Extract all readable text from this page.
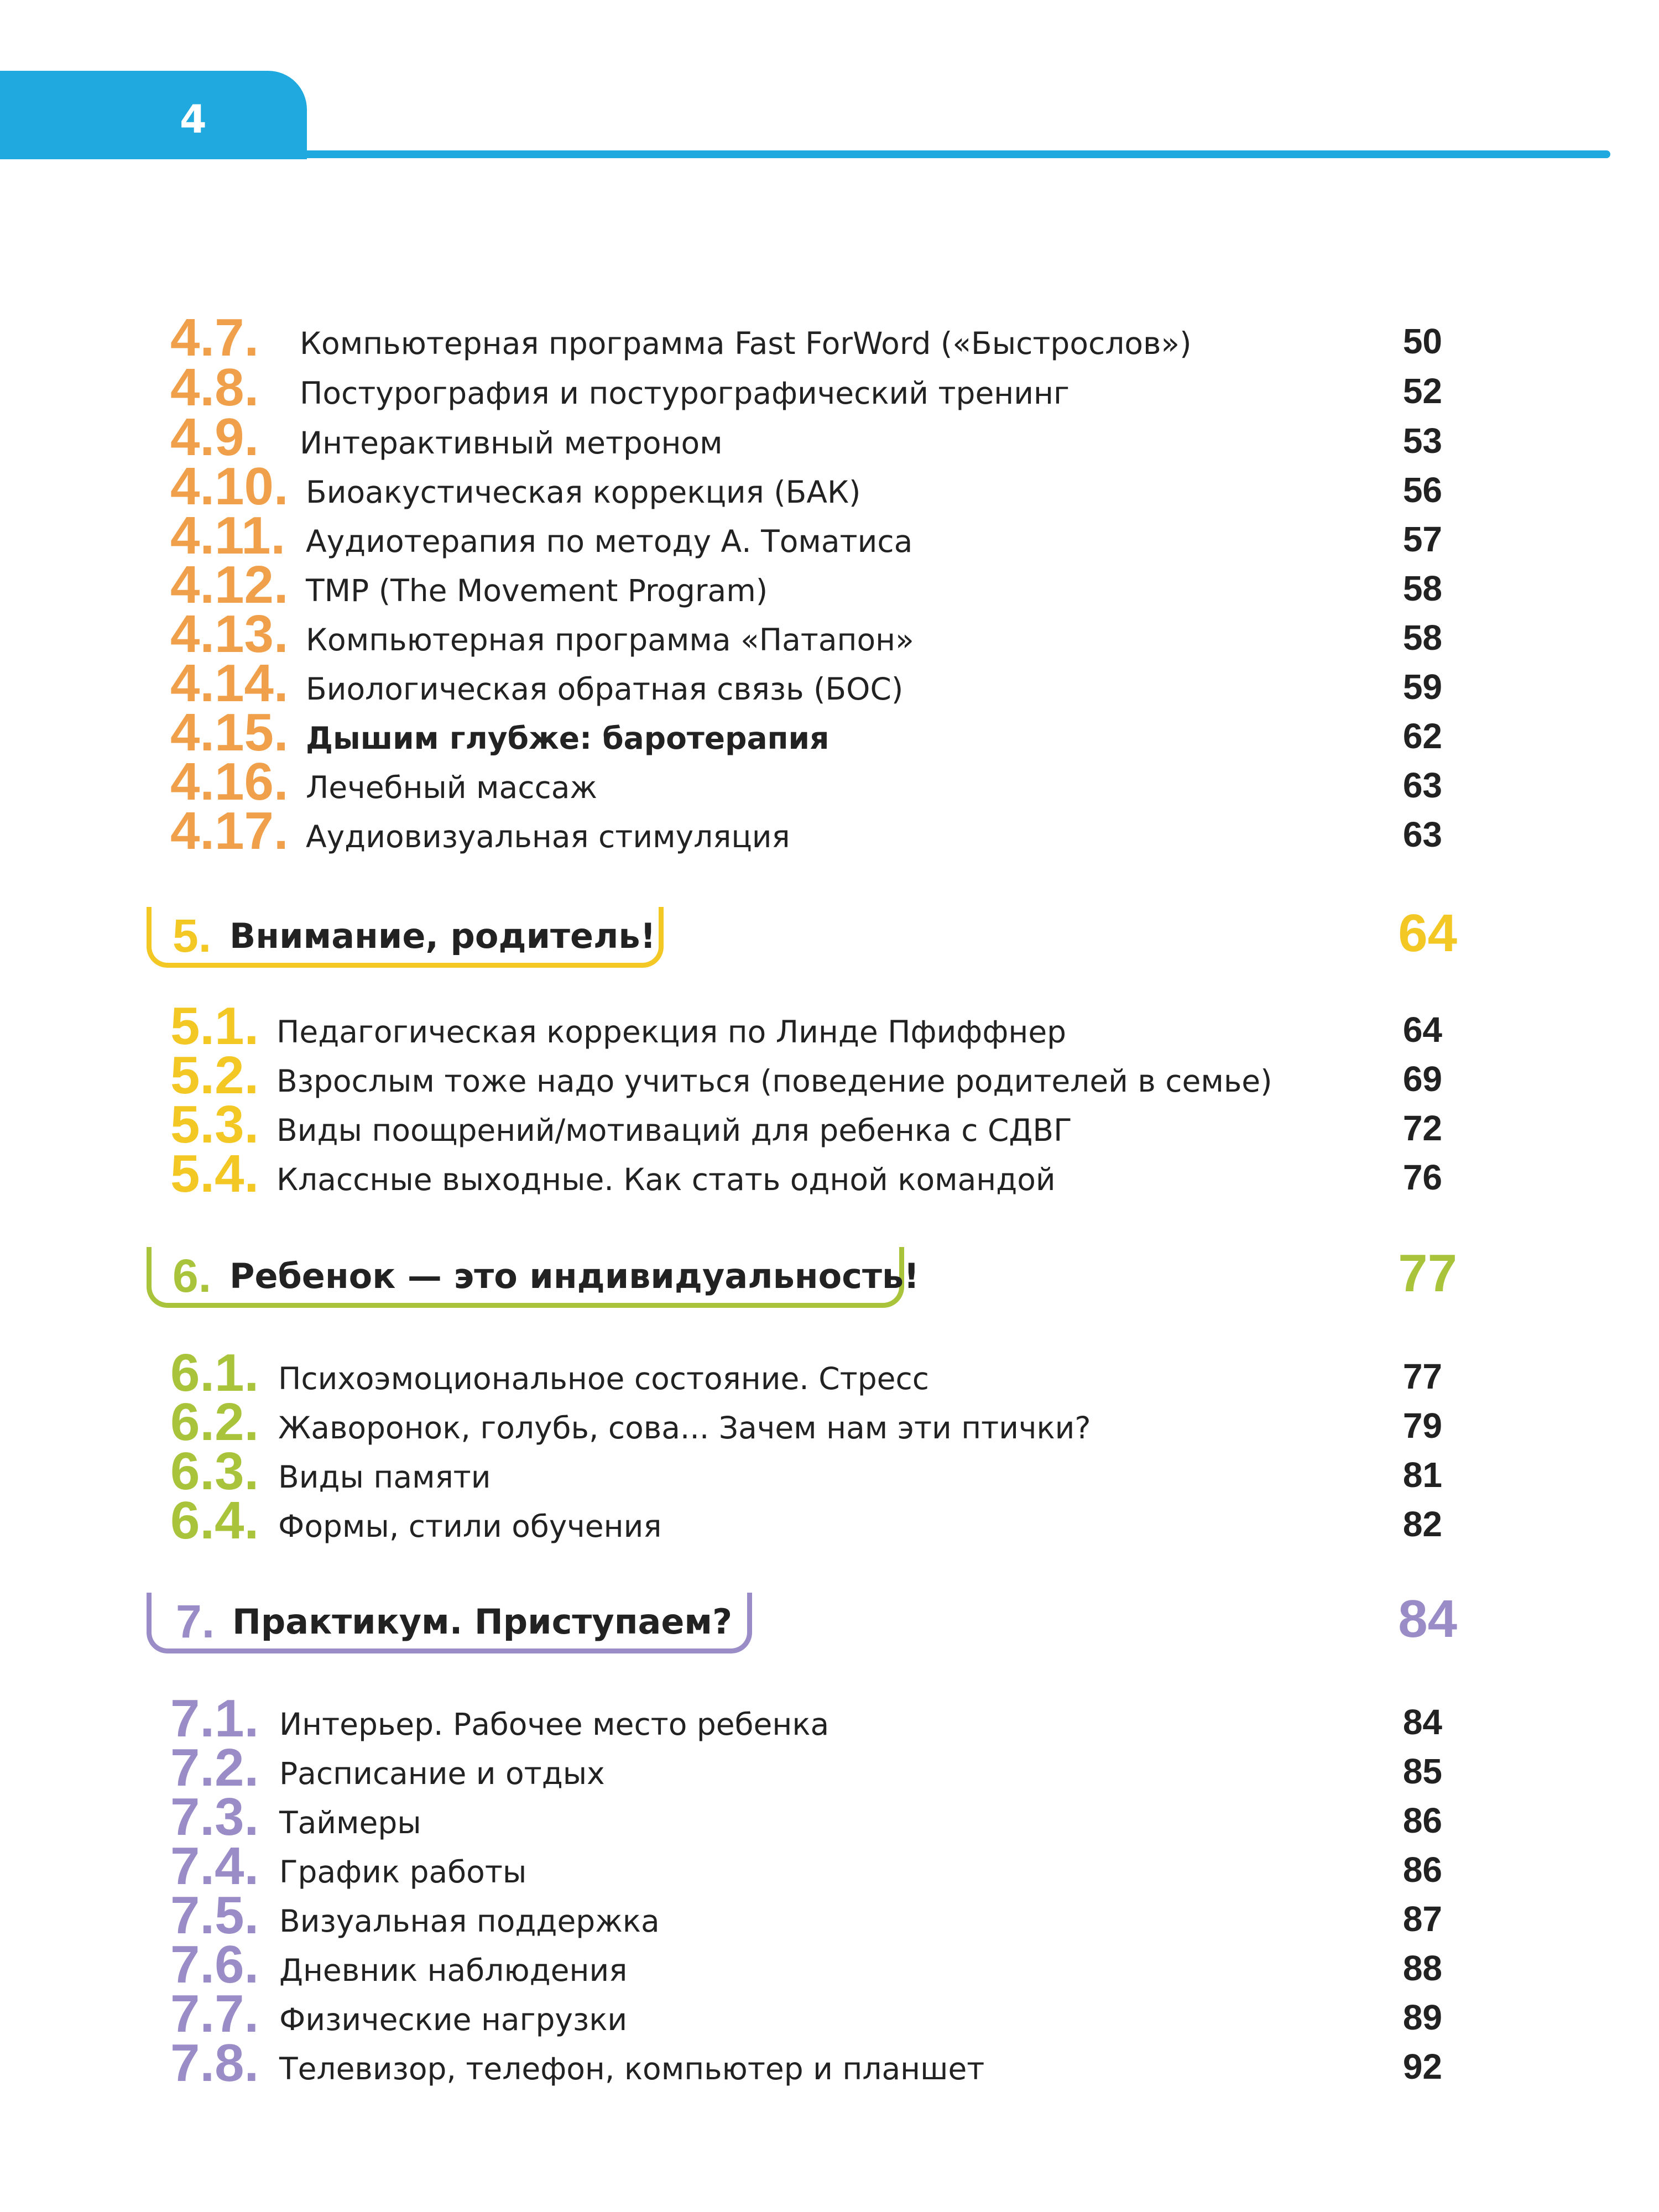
4
4.7. Компьютерная программа Fast ForWord («Быстрослов»)	50
4.8. Постурография и постурографический тренинг	52
4.9. Интерактивный метроном	53
4.10. Биоакустическая коррекция (БАК)	56
4.11. Аудиотерапия по методу А. Томатиса	57
4.12. TMP (The Movement Program)	58
4.13. Компьютерная программа «Патапон»	58
4.14. Биологическая обратная связь (БОС)	59
4.15. Дышим глубже: баротерапия	62
4.16. Лечебный массаж	63
4.17. Аудиовизуальная стимуляция	63
5. Внимание, родитель!	64
5.1. Педагогическая коррекция по Линде Пфиффнер	64
5.2. Взрослым тоже надо учиться (поведение родителей в семье)	69
5.3. Виды поощрений/мотиваций для ребенка с СДВГ	72
5.4. Классные выходные. Как стать одной командой	76
6. Ребенок — это индивидуальность!	77
6.1. Психоэмоциональное состояние. Стресс	77
6.2. Жаворонок, голубь, сова... Зачем нам эти птички?	79
6.3. Виды памяти	81
6.4. Формы, стили обучения	82
7. Практикум. Приступаем?	84
7.1. Интерьер. Рабочее место ребенка	84
7.2. Расписание и отдых	85
7.3. Таймеры	86
7.4. График работы	86
7.5. Визуальная поддержка	87
7.6. Дневник наблюдения	88
7.7. Физические нагрузки	89
7.8. Телевизор, телефон, компьютер и планшет	92
